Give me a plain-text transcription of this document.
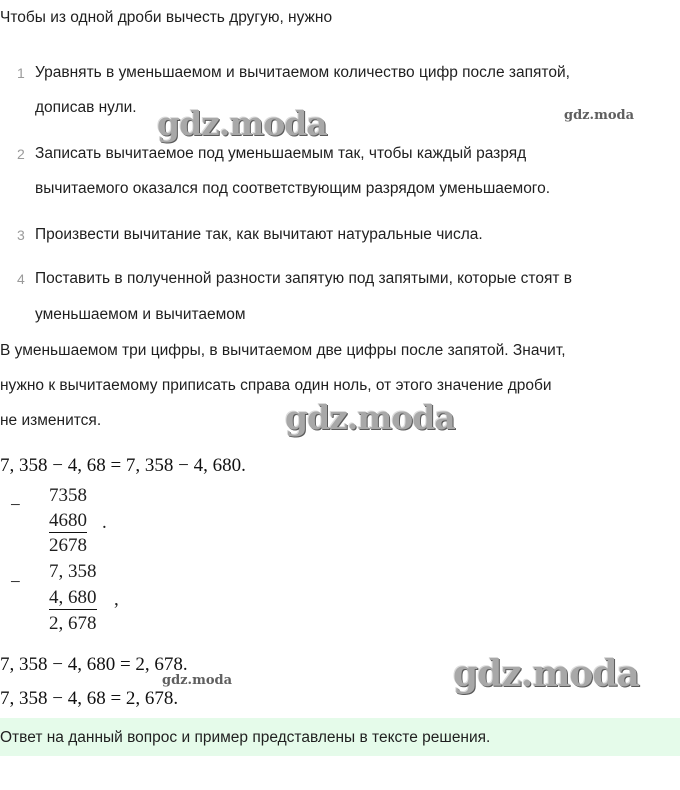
Чтобы из одной дроби вычесть другую, нужно
1 Уравнять в уменьшаемом и вычитаемом количество цифр после запятой,
дописав нули.
2 Записать вычитаемое под уменьшаемым так, чтобы каждый разряд
вычитаемого оказался под соответствующим разрядом уменьшаемого.
3 Произвести вычитание так, как вычитают натуральные числа.
4 Поставить в полученной разности запятую под запятыми, которые стоят в
уменьшаемом и вычитаемом
В уменьшаемом три цифры, в вычитаемом две цифры после запятой. Значит,
нужно к вычитаемому приписать справа один ноль, от этого значение дроби
не изменится.
7, 358 − 4, 68 = 7, 358 − 4, 680.
− 7358
4680 .
2678
−
7, 358
4, 680 ,
2, 678
7, 358 − 4, 680 = 2, 678.
7, 358 − 4, 68 = 2, 678.
Ответ на данный вопрос и пример представлены в тексте решения.
gdz.moda	gdz.moda
gdz.moda
gdz.moda
gdz.moda
